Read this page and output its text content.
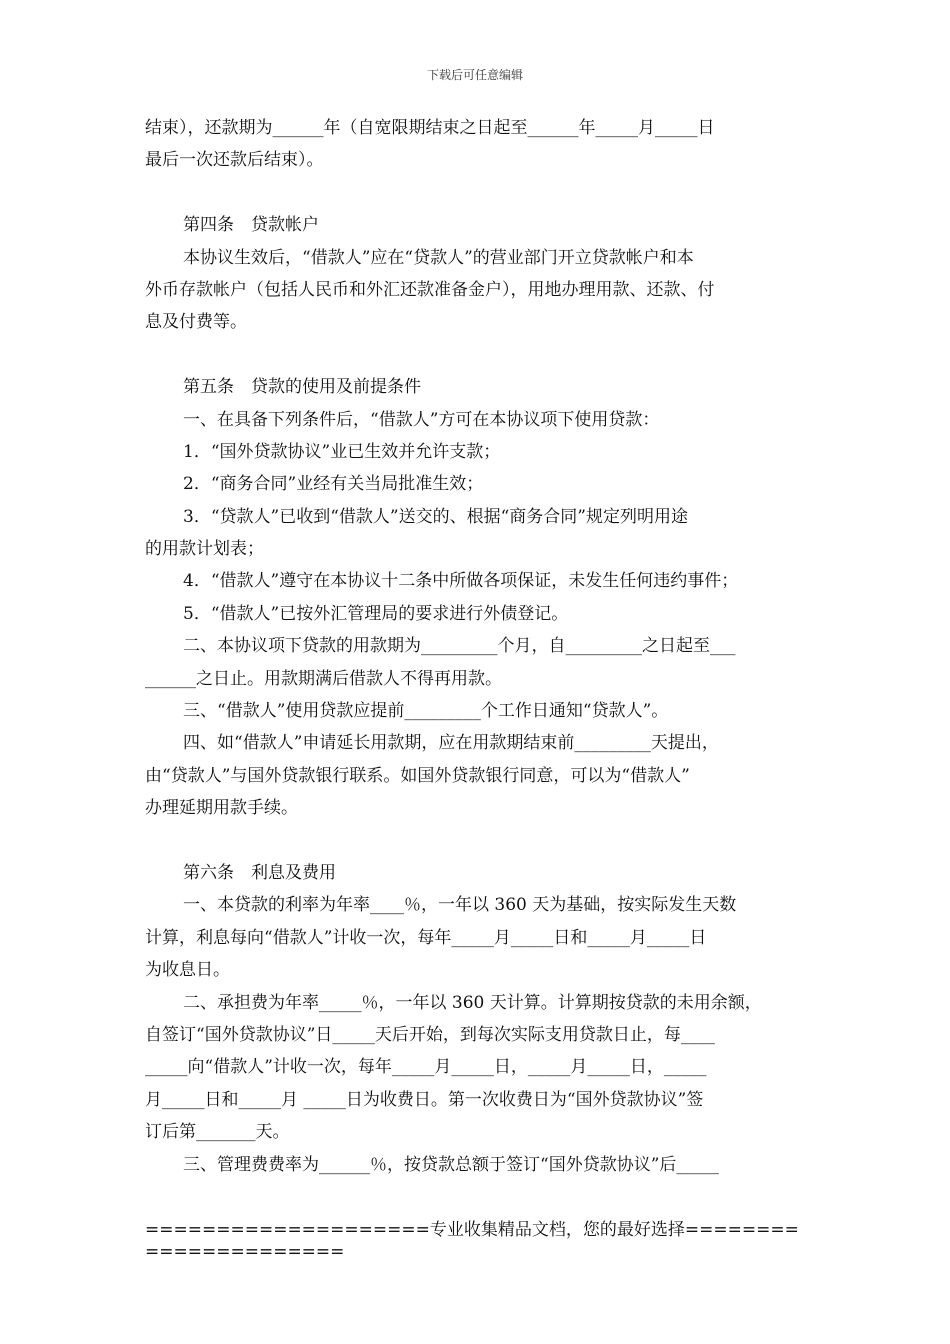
下载后可任意编辑
结束），还款期为______年（自宽限期结束之日起至______年_____月_____日
最后一次还款后结束）。
第四条　贷款帐户
本协议生效后，“借款人”应在“贷款人”的营业部门开立贷款帐户和本
外币存款帐户（包括人民币和外汇还款准备金户），用地办理用款、还款、付
息及付费等。
第五条　贷款的使用及前提条件
一、在具备下列条件后，“借款人”方可在本协议项下使用贷款：
1．“国外贷款协议”业已生效并允许支款；
2．“商务合同”业经有关当局批准生效；
3．“贷款人”已收到“借款人”送交的、根据“商务合同”规定列明用途
的用款计划表；
4．“借款人”遵守在本协议十二条中所做各项保证，未发生任何违约事件；
5．“借款人”已按外汇管理局的要求进行外债登记。
二、本协议项下贷款的用款期为_________个月，自_________之日起至___
______之日止。用款期满后借款人不得再用款。
三、“借款人”使用贷款应提前_________个工作日通知“贷款人”。
四、如“借款人”申请延长用款期，应在用款期结束前_________天提出，
由“贷款人”与国外贷款银行联系。如国外贷款银行同意，可以为“借款人”
办理延期用款手续。
第六条　利息及费用
一、本贷款的利率为年率____％，一年以 360 天为基础，按实际发生天数
计算，利息每向“借款人”计收一次，每年_____月_____日和_____月_____日
为收息日。
二、承担费为年率_____％，一年以 360 天计算。计算期按贷款的未用余额，
自签订“国外贷款协议”日_____天后开始，到每次实际支用贷款日止，每____
_____向“借款人”计收一次，每年_____月_____日，_____月_____日，_____
月_____日和_____月 _____日为收费日。第一次收费日为“国外贷款协议”签
订后第_______天。
三、管理费费率为______％，按贷款总额于签订“国外贷款协议”后_____
====================专业收集精品文档，您的最好选择======================
